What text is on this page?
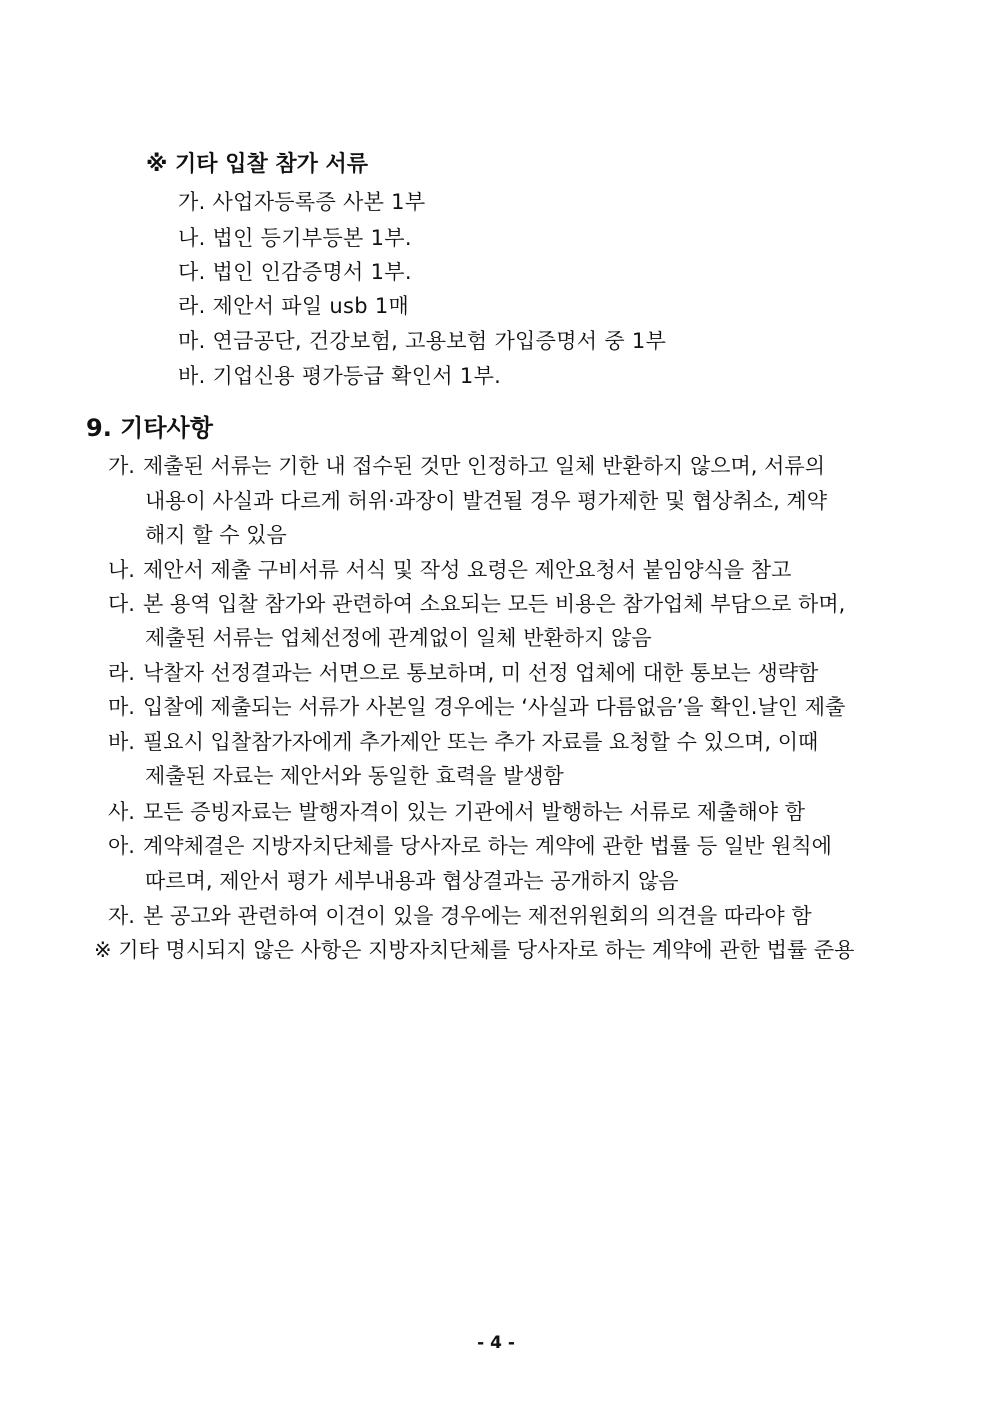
※ 기타 입찰 참가 서류
가. 사업자등록증 사본 1부
나. 법인 등기부등본 1부.
다. 법인 인감증명서 1부.
라. 제안서 파일 usb 1매
마. 연금공단, 건강보험, 고용보험 가입증명서 중 1부
바. 기업신용 평가등급 확인서 1부.
9. 기타사항
가. 제출된 서류는 기한 내 접수된 것만 인정하고 일체 반환하지 않으며, 서류의
내용이 사실과 다르게 허위·과장이 발견될 경우 평가제한 및 협상취소, 계약
해지 할 수 있음
나. 제안서 제출 구비서류 서식 및 작성 요령은 제안요청서 붙임양식을 참고
다. 본 용역 입찰 참가와 관련하여 소요되는 모든 비용은 참가업체 부담으로 하며,
제출된 서류는 업체선정에 관계없이 일체 반환하지 않음
라. 낙찰자 선정결과는 서면으로 통보하며, 미 선정 업체에 대한 통보는 생략함
마. 입찰에 제출되는 서류가 사본일 경우에는 ‘사실과 다름없음’을 확인.날인 제출
바. 필요시 입찰참가자에게 추가제안 또는 추가 자료를 요청할 수 있으며, 이때
제출된 자료는 제안서와 동일한 효력을 발생함
사. 모든 증빙자료는 발행자격이 있는 기관에서 발행하는 서류로 제출해야 함
아. 계약체결은 지방자치단체를 당사자로 하는 계약에 관한 법률 등 일반 원칙에
따르며, 제안서 평가 세부내용과 협상결과는 공개하지 않음
자. 본 공고와 관련하여 이견이 있을 경우에는 제전위원회의 의견을 따라야 함
※ 기타 명시되지 않은 사항은 지방자치단체를 당사자로 하는 계약에 관한 법률 준용
- 4 -
